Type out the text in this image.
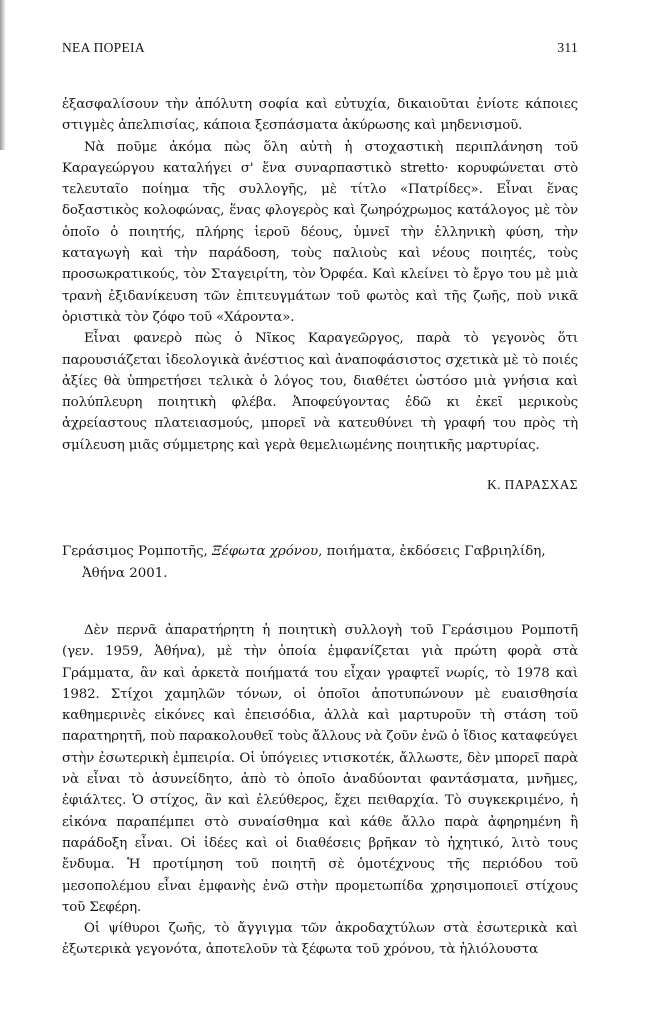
ΝΕΑ ΠΟΡΕΙΑ	311

ἐξασφαλίσουν τὴν ἀπόλυτη σοφία καὶ εὐτυχία, δικαιοῦται ἐνίοτε κάποιες στιγμὲς ἀπελπισίας, κάποια ξεσπάσματα ἀκύρωσης καὶ μηδενισμοῦ.

Νὰ ποῦμε ἀκόμα πὼς ὅλη αὐτὴ ἡ στοχαστικὴ περιπλάνηση τοῦ Καραγεώργου καταλήγει σ' ἕνα συναρπαστικὸ stretto· κορυφώνεται στὸ τελευταῖο ποίημα τῆς συλλογῆς, μὲ τίτλο «Πατρίδες». Εἶναι ἕνας δοξαστικὸς κολοφώνας, ἕνας φλογερὸς καὶ ζωηρόχρωμος κατάλογος μὲ τὸν ὁποῖο ὁ ποιητής, πλήρης ἱεροῦ δέους, ὑμνεῖ τὴν ἑλληνικὴ φύση, τὴν καταγωγὴ καὶ τὴν παράδοση, τοὺς παλιοὺς καὶ νέους ποιητές, τοὺς προσωκρατικούς, τὸν Σταγειρίτη, τὸν Ὀρφέα. Καὶ κλείνει τὸ ἔργο του μὲ μιὰ τρανὴ ἐξιδανίκευση τῶν ἐπιτευγμάτων τοῦ φωτὸς καὶ τῆς ζωῆς, ποὺ νικᾶ ὁριστικὰ τὸν ζόφο τοῦ «Χάροντα».

Εἶναι φανερὸ πὼς ὁ Νῖκος Καραγεῶργος, παρὰ τὸ γεγονὸς ὅτι παρουσιάζεται ἰδεολογικὰ ἀνέστιος καὶ ἀναποφάσιστος σχετικὰ μὲ τὸ ποιές ἀξίες θὰ ὑπηρετήσει τελικὰ ὁ λόγος του, διαθέτει ὡστόσο μιὰ γνήσια καὶ πολύπλευρη ποιητικὴ φλέβα. Ἀποφεύγοντας ἐδῶ κι ἐκεῖ μερικοὺς ἀχρείαστους πλατειασμούς, μπορεῖ νὰ κατευθύνει τὴ γραφή του πρὸς τὴ σμίλευση μιᾶς σύμμετρης καὶ γερὰ θεμελιωμένης ποιητικῆς μαρτυρίας.

Κ. ΠΑΡΑΣΧΑΣ
Γεράσιμος Ρομποτῆς, Ξέφωτα χρόνου, ποιήματα, ἐκδόσεις Γαβριηλίδη, Ἀθήνα 2001.

Δὲν περνᾶ ἀπαρατήρητη ἡ ποιητικὴ συλλογὴ τοῦ Γεράσιμου Ρομποτῆ (γεν. 1959, Ἀθήνα), μὲ τὴν ὁποία ἐμφανίζεται γιὰ πρώτη φορὰ στὰ Γράμματα, ἂν καὶ ἀρκετὰ ποιήματά του εἶχαν γραφτεῖ νωρίς, τὸ 1978 καὶ 1982. Στίχοι χαμηλῶν τόνων, οἱ ὁποῖοι ἀποτυπώνουν μὲ ευαισθησία καθημερινὲς εἰκόνες καὶ ἐπεισόδια, ἀλλὰ καὶ μαρτυροῦν τὴ στάση τοῦ παρατηρητῆ, ποὺ παρακολουθεῖ τοὺς ἄλλους νὰ ζοῦν ἐνῶ ὁ ἴδιος καταφεύγει στὴν ἐσωτερικὴ ἐμπειρία. Οἱ ὑπόγειες ντισκοτέκ, ἄλλωστε, δὲν μπορεῖ παρὰ νὰ εἶναι τὸ ἀσυνείδητο, ἀπὸ τὸ ὁποῖο ἀναδύονται φαντάσματα, μνῆμες, ἐφιάλτες. Ὁ στίχος, ἂν καὶ ἐλεύθερος, ἔχει πειθαρχία. Τὸ συγκεκριμένο, ἡ εἰκόνα παραπέμπει στὸ συναίσθημα καὶ κάθε ἄλλο παρὰ ἀφηρημένη ἢ παράδοξη εἶναι. Οἱ ἰδέες καὶ οἱ διαθέσεις βρῆκαν τὸ ἠχητικό, λιτὸ τους ἔνδυμα. Ἡ προτίμηση τοῦ ποιητῆ σὲ ὁμοτέχνους τῆς περιόδου τοῦ μεσοπολέμου εἶναι ἐμφανὴς ἐνῶ στὴν προμετωπίδα χρησιμοποιεῖ στίχους τοῦ Σεφέρη.

Οἱ ψίθυροι ζωῆς, τὸ ἄγγιγμα τῶν ἀκροδαχτύλων στὰ ἐσωτερικὰ καὶ ἐξωτερικὰ γεγονότα, ἀποτελοῦν τὰ ξέφωτα τοῦ χρόνου, τὰ ἡλιόλουστα
